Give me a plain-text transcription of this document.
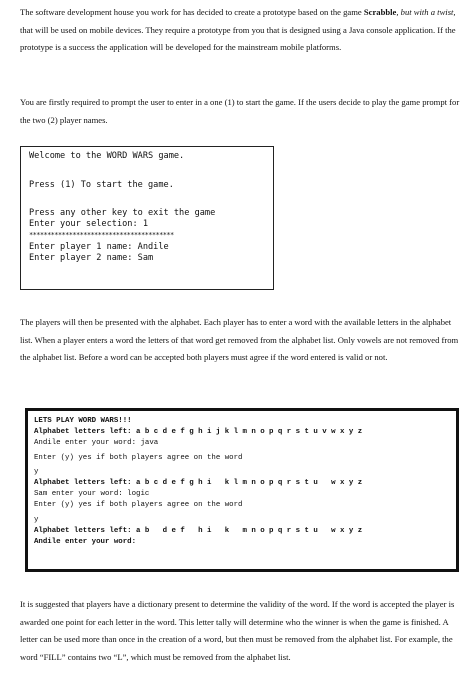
The software development house you work for has decided to create a prototype based on the game Scrabble, but with a twist, that will be used on mobile devices. They require a prototype from you that is designed using a Java console application. If the prototype is a success the application will be developed for the mainstream mobile platforms.

You are firstly required to prompt the user to enter in a one (1) to start the game. If the users decide to play the game prompt for the two (2) player names.

Welcome to the WORD WARS game.
Press (1) To start the game.
Press any other key to exit the game
Enter your selection: 1
****************************************
Enter player 1 name: Andile
Enter player 2 name: Sam

The players will then be presented with the alphabet. Each player has to enter a word with the available letters in the alphabet list. When a player enters a word the letters of that word get removed from the alphabet list. Only vowels are not removed from the alphabet list. Before a word can be accepted both players must agree if the word entered is valid or not.

LETS PLAY WORD WARS!!!
Alphabet letters left: a b c d e f g h i j k l m n o p q r s t u v w x y z
Andile enter your word: java
Enter (y) yes if both players agree on the word
y
Alphabet letters left: a b c d e f g h i   k l m n o p q r s t u   w x y z
Sam enter your word: logic
Enter (y) yes if both players agree on the word
y
Alphabet letters left: a b   d e f   h i   k   m n o p q r s t u   w x y z
Andile enter your word:

It is suggested that players have a dictionary present to determine the validity of the word. If the word is accepted the player is awarded one point for each letter in the word. This letter tally will determine who the winner is when the game is finished. A letter can be used more than once in the creation of a word, but then must be removed from the alphabet list. For example, the word “FILL” contains two “L”, which must be removed from the alphabet list.
